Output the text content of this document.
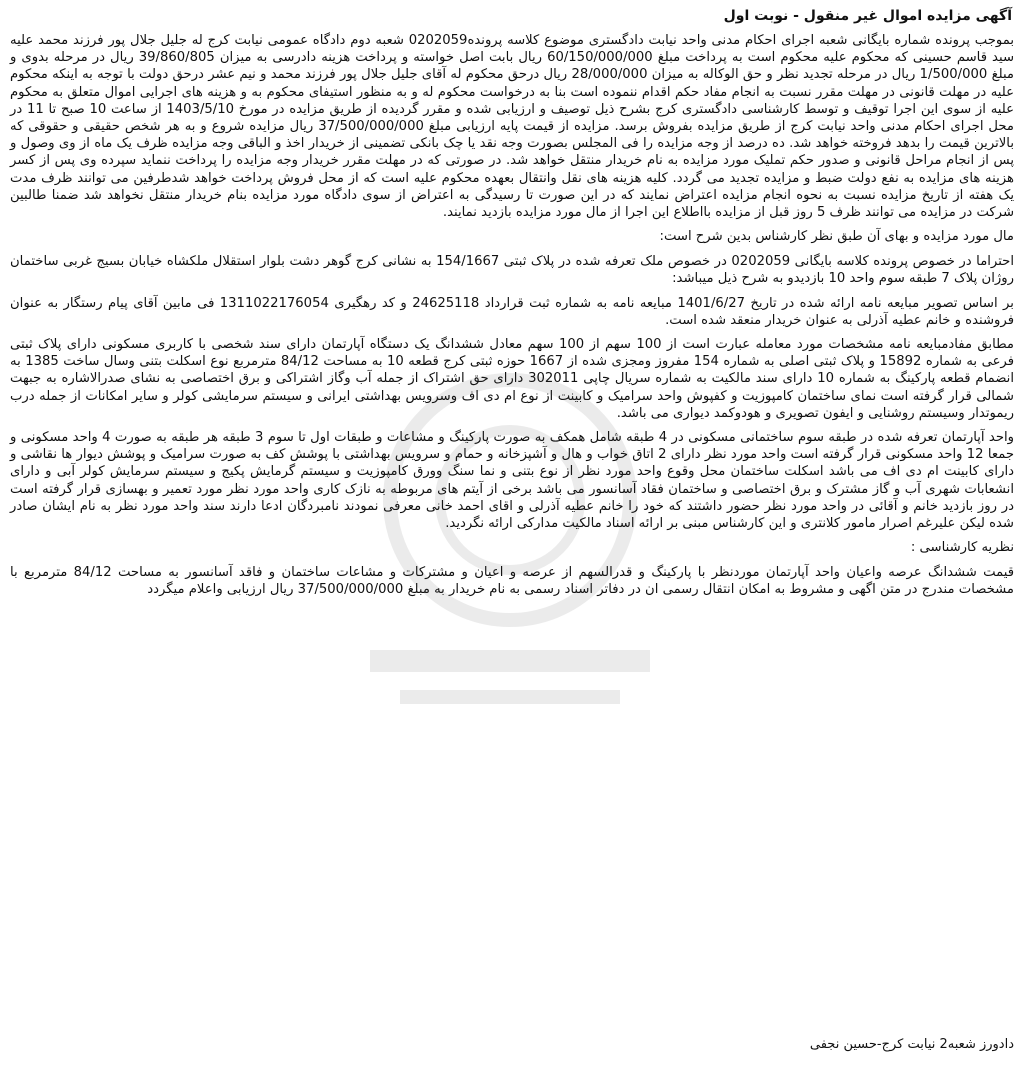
آگهی مزایده اموال غیر منقول - نوبت اول

بموجب پرونده شماره بایگانی شعبه اجرای احکام مدنی واحد نیابت دادگستری موضوع کلاسه پرونده0202059 شعبه دوم دادگاه عمومی نیابت کرج له جلیل جلال پور فرزند محمد علیه سید قاسم حسینی که محکوم علیه محکوم است به پرداخت مبلغ 60/150/000/000 ریال بابت اصل خواسته و پرداخت هزینه دادرسی به میزان 39/860/805 ریال در مرحله بدوی و مبلغ 1/500/000 ریال در مرحله تجدید نظر و حق الوکاله به میزان 28/000/000 ریال درحق محکوم له آقای جلیل جلال پور فرزند محمد و نیم عشر درحق دولت با توجه به اینکه محکوم علیه در مهلت قانونی در مهلت مقرر نسبت به انجام مفاد حکم اقدام ننموده است بنا به درخواست محکوم له و به منظور استیفای محکوم به و هزینه های اجرایی اموال متعلق به محکوم علیه از سوی این اجرا توقیف و توسط کارشناسی دادگستری کرج بشرح ذیل توصیف و ارزیابی شده و مقرر گردیده از طریق مزایده در مورخ 1403/5/10 از ساعت 10 صبح تا 11 در محل اجرای احکام مدنی واحد نیابت کرج از طریق مزایده بفروش برسد. مزایده از قیمت پایه ارزیابی مبلغ 37/500/000/000 ریال مزایده شروع و به هر شخص حقیقی و حقوقی که بالاترین قیمت را بدهد فروخته خواهد شد. ده درصد از وجه مزایده را فی المجلس بصورت وجه نقد یا چک بانکی تضمینی از خریدار اخذ و الباقی وجه مزایده ظرف یک ماه از وی وصول و پس از انجام مراحل قانونی و صدور حکم تملیک مورد مزایده به نام خریدار منتقل خواهد شد. در صورتی که در مهلت مقرر خریدار وجه مزایده را پرداخت ننماید سپرده وی پس از کسر هزینه های مزایده به نفع دولت ضبط و مزایده تجدید می گردد. کلیه هزینه های نقل وانتقال بعهده محکوم علیه است که از محل فروش پرداخت خواهد شدطرفین می توانند ظرف مدت یک هفته از تاریخ مزایده نسبت به نحوه انجام مزایده اعتراض نمایند که در این صورت تا رسیدگی به اعتراض از سوی دادگاه مورد مزایده بنام خریدار منتقل نخواهد شد ضمنا طالبین شرکت در مزایده می توانند ظرف 5 روز قبل از مزایده بااطلاع این اجرا از مال مورد مزایده بازدید نمایند.

مال مورد مزایده و بهای آن طبق نظر کارشناس بدین شرح است:

احتراما در خصوص پرونده کلاسه بایگانی 0202059 در خصوص ملک تعرفه شده در پلاک ثبتی 154/1667 به نشانی کرج گوهر دشت بلوار استقلال ملکشاه خیابان بسیج غربی ساختمان روژان پلاک 7 طبقه سوم واحد 10 بازدیدو به شرح ذیل میباشد:

بر اساس تصویر مبایعه نامه ارائه شده در تاریخ 1401/6/27 مبایعه نامه به شماره ثبت قرارداد 24625118 و کد رهگیری 1311022176054 فی مابین آقای پیام رستگار به عنوان فروشنده و خانم عطیه آذرلی به عنوان خریدار منعقد شده است.

مطابق مفادمبایعه نامه مشخصات مورد معامله عبارت است از 100 سهم از 100 سهم معادل ششدانگ یک دستگاه آپارتمان دارای سند شخصی با کاربری مسکونی دارای پلاک ثبتی فرعی به شماره 15892 و پلاک ثبتی اصلی به شماره 154 مفروز ومجزی شده از 1667 حوزه ثبتی کرج قطعه 10 به مساحت 84/12 مترمربع نوع اسکلت بتنی وسال ساخت 1385 به انضمام قطعه پارکینگ به شماره 10 دارای سند مالکیت به شماره سریال چاپی 302011 دارای حق اشتراک از جمله آب وگاز اشتراکی و برق اختصاصی به نشای صدرالاشاره به جبهت شمالی قرار گرفته است نمای ساختمان کامپوزیت و کفپوش واحد سرامیک و کابینت از نوع ام دی اف وسرویس بهداشتی ایرانی و سیستم سرمایشی کولر و سایر امکانات از جمله درب ریموتدار وسیستم روشنایی و ایفون تصویری و هودوکمد دیواری می باشد.

واحد آپارتمان تعرفه شده در طبقه سوم ساختمانی مسکونی در 4 طبقه شامل همکف به صورت پارکینگ و مشاعات و طبقات اول تا سوم 3 طبقه هر طبقه به صورت 4 واحد مسکونی و جمعا 12 واحد مسکونی قرار گرفته است واحد مورد نظر دارای 2 اتاق خواب و هال و آشپزخانه و حمام و سرویس بهداشتی با پوشش کف به صورت سرامیک و پوشش دیوار ها نقاشی و دارای کابینت ام دی اف می باشد اسکلت ساختمان محل وقوع واحد مورد نظر از نوع بتنی و نما سنگ وورق کامپوزیت و سیستم گرمایش پکیج و سیستم سرمایش کولر آبی و دارای انشعابات شهری آب و گاز مشترک و برق اختصاصی و ساختمان فقاد آسانسور می باشد برخی از آیتم های مربوطه به نازک کاری واحد مورد نظر مورد تعمیر و بهسازی قرار گرفته است در روز بازدید خانم و آقائی در واحد مورد نظر حضور داشتند که خود را خانم عطیه آذرلی و اقای احمد خانی معرفی نمودند نامبردگان ادعا دارند سند واحد مورد نظر به نام ایشان صادر شده لیکن علیرغم اصرار مامور کلانتری و این کارشناس مبنی بر ارائه اسناد مالکیت مدارکی ارائه نگردید.

نظریه کارشناسی :

قیمت ششدانگ عرصه واعیان واحد آپارتمان موردنظر با پارکینگ و قدرالسهم از عرصه و اعیان و مشترکات و مشاعات ساختمان و فاقد آسانسور به مساحت 84/12 مترمربع با مشخصات مندرج در متن اگهی و مشروط به امکان انتقال رسمی ان در دفاتر اسناد رسمی به نام خریدار به مبلغ 37/500/000/000 ریال ارزیابی واعلام میگردد

دادورز شعبه2 نیابت کرج-حسین نجفی
